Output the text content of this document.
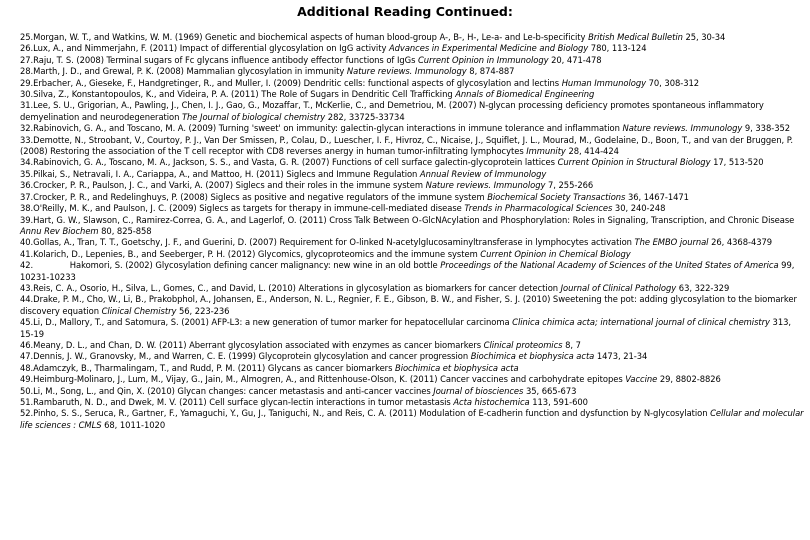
Additional Reading Continued:
25.Morgan, W. T., and Watkins, W. M. (1969) Genetic and biochemical aspects of human blood-group A-, B-, H-, Le-a- and Le-b-specificity British Medical Bulletin 25, 30-34
26.Lux, A., and Nimmerjahn, F. (2011) Impact of differential glycosylation on IgG activity Advances in Experimental Medicine and Biology 780, 113-124
27.Raju, T. S. (2008) Terminal sugars of Fc glycans influence antibody effector functions of IgGs Current Opinion in Immunology 20, 471-478
28.Marth, J. D., and Grewal, P. K. (2008) Mammalian glycosylation in immunity Nature reviews. Immunology 8, 874-887
29.Erbacher, A., Gieseke, F., Handgretinger, R., and Muller, I. (2009) Dendritic cells: functional aspects of glycosylation and lectins Human Immunology 70, 308-312
30.Silva, Z., Konstantopoulos, K., and Videira, P. A. (2011) The Role of Sugars in Dendritic Cell Trafficking Annals of Biomedical Engineering
31.Lee, S. U., Grigorian, A., Pawling, J., Chen, I. J., Gao, G., Mozaffar, T., McKerlie, C., and Demetriou, M. (2007) N-glycan processing deficiency promotes spontaneous inflammatory demyelination and neurodegeneration The Journal of biological chemistry 282, 33725-33734
32.Rabinovich, G. A., and Toscano, M. A. (2009) Turning 'sweet' on immunity: galectin-glycan interactions in immune tolerance and inflammation Nature reviews. Immunology 9, 338-352
33.Demotte, N., Stroobant, V., Courtoy, P. J., Van Der Smissen, P., Colau, D., Luescher, I. F., Hivroz, C., Nicaise, J., Squiflet, J. L., Mourad, M., Godelaine, D., Boon, T., and van der Bruggen, P. (2008) Restoring the association of the T cell receptor with CD8 reverses anergy in human tumor-infiltrating lymphocytes Immunity 28, 414-424
34.Rabinovich, G. A., Toscano, M. A., Jackson, S. S., and Vasta, G. R. (2007) Functions of cell surface galectin-glycoprotein lattices Current Opinion in Structural Biology 17, 513-520
35.Pilkai, S., Netravali, I. A., Cariappa, A., and Mattoo, H. (2011) Siglecs and Immune Regulation Annual Review of Immunology
36.Crocker, P. R., Paulson, J. C., and Varki, A. (2007) Siglecs and their roles in the immune system Nature reviews. Immunology 7, 255-266
37.Crocker, P. R., and Redelinghuys, P. (2008) Siglecs as positive and negative regulators of the immune system Biochemical Society Transactions 36, 1467-1471
38.O'Reilly, M. K., and Paulson, J. C. (2009) Siglecs as targets for therapy in immune-cell-mediated disease Trends in Pharmacological Sciences 30, 240-248
39.Hart, G. W., Slawson, C., Ramirez-Correa, G. A., and Lagerlof, O. (2011) Cross Talk Between O-GlcNAcylation and Phosphorylation: Roles in Signaling, Transcription, and Chronic Disease Annu Rev Biochem 80, 825-858
40.Gollas, A., Tran, T. T., Goetschy, J. F., and Guerini, D. (2007) Requirement for O-linked N-acetylglucosaminyltransferase in lymphocytes activation The EMBO journal 26, 4368-4379
41.Kolarich, D., Lepenies, B., and Seeberger, P. H. (2012) Glycomics, glycoproteomics and the immune system Current Opinion in Chemical Biology
42.              Hakomori, S. (2002) Glycosylation defining cancer malignancy: new wine in an old bottle Proceedings of the National Academy of Sciences of the United States of America 99, 10231-10233
43.Reis, C. A., Osorio, H., Silva, L., Gomes, C., and David, L. (2010) Alterations in glycosylation as biomarkers for cancer detection Journal of Clinical Pathology 63, 322-329
44.Drake, P. M., Cho, W., Li, B., Prakobphol, A., Johansen, E., Anderson, N. L., Regnier, F. E., Gibson, B. W., and Fisher, S. J. (2010) Sweetening the pot: adding glycosylation to the biomarker discovery equation Clinical Chemistry 56, 223-236
45.Li, D., Mallory, T., and Satomura, S. (2001) AFP-L3: a new generation of tumor marker for hepatocellular carcinoma Clinica chimica acta; international journal of clinical chemistry 313, 15-19
46.Meany, D. L., and Chan, D. W. (2011) Aberrant glycosylation associated with enzymes as cancer biomarkers Clinical proteomics 8, 7
47.Dennis, J. W., Granovsky, M., and Warren, C. E. (1999) Glycoprotein glycosylation and cancer progression Biochimica et biophysica acta 1473, 21-34
48.Adamczyk, B., Tharmalingam, T., and Rudd, P. M. (2011) Glycans as cancer biomarkers Biochimica et biophysica acta
49.Heimburg-Molinaro, J., Lum, M., Vijay, G., Jain, M., Almogren, A., and Rittenhouse-Olson, K. (2011) Cancer vaccines and carbohydrate epitopes Vaccine 29, 8802-8826
50.Li, M., Song, L., and Qin, X. (2010) Glycan changes: cancer metastasis and anti-cancer vaccines Journal of biosciences 35, 665-673
51.Rambaruth, N. D., and Dwek, M. V. (2011) Cell surface glycan-lectin interactions in tumor metastasis Acta histochemica 113, 591-600
52.Pinho, S. S., Seruca, R., Gartner, F., Yamaguchi, Y., Gu, J., Taniguchi, N., and Reis, C. A. (2011) Modulation of E-cadherin function and dysfunction by N-glycosylation Cellular and molecular life sciences : CMLS 68, 1011-1020
